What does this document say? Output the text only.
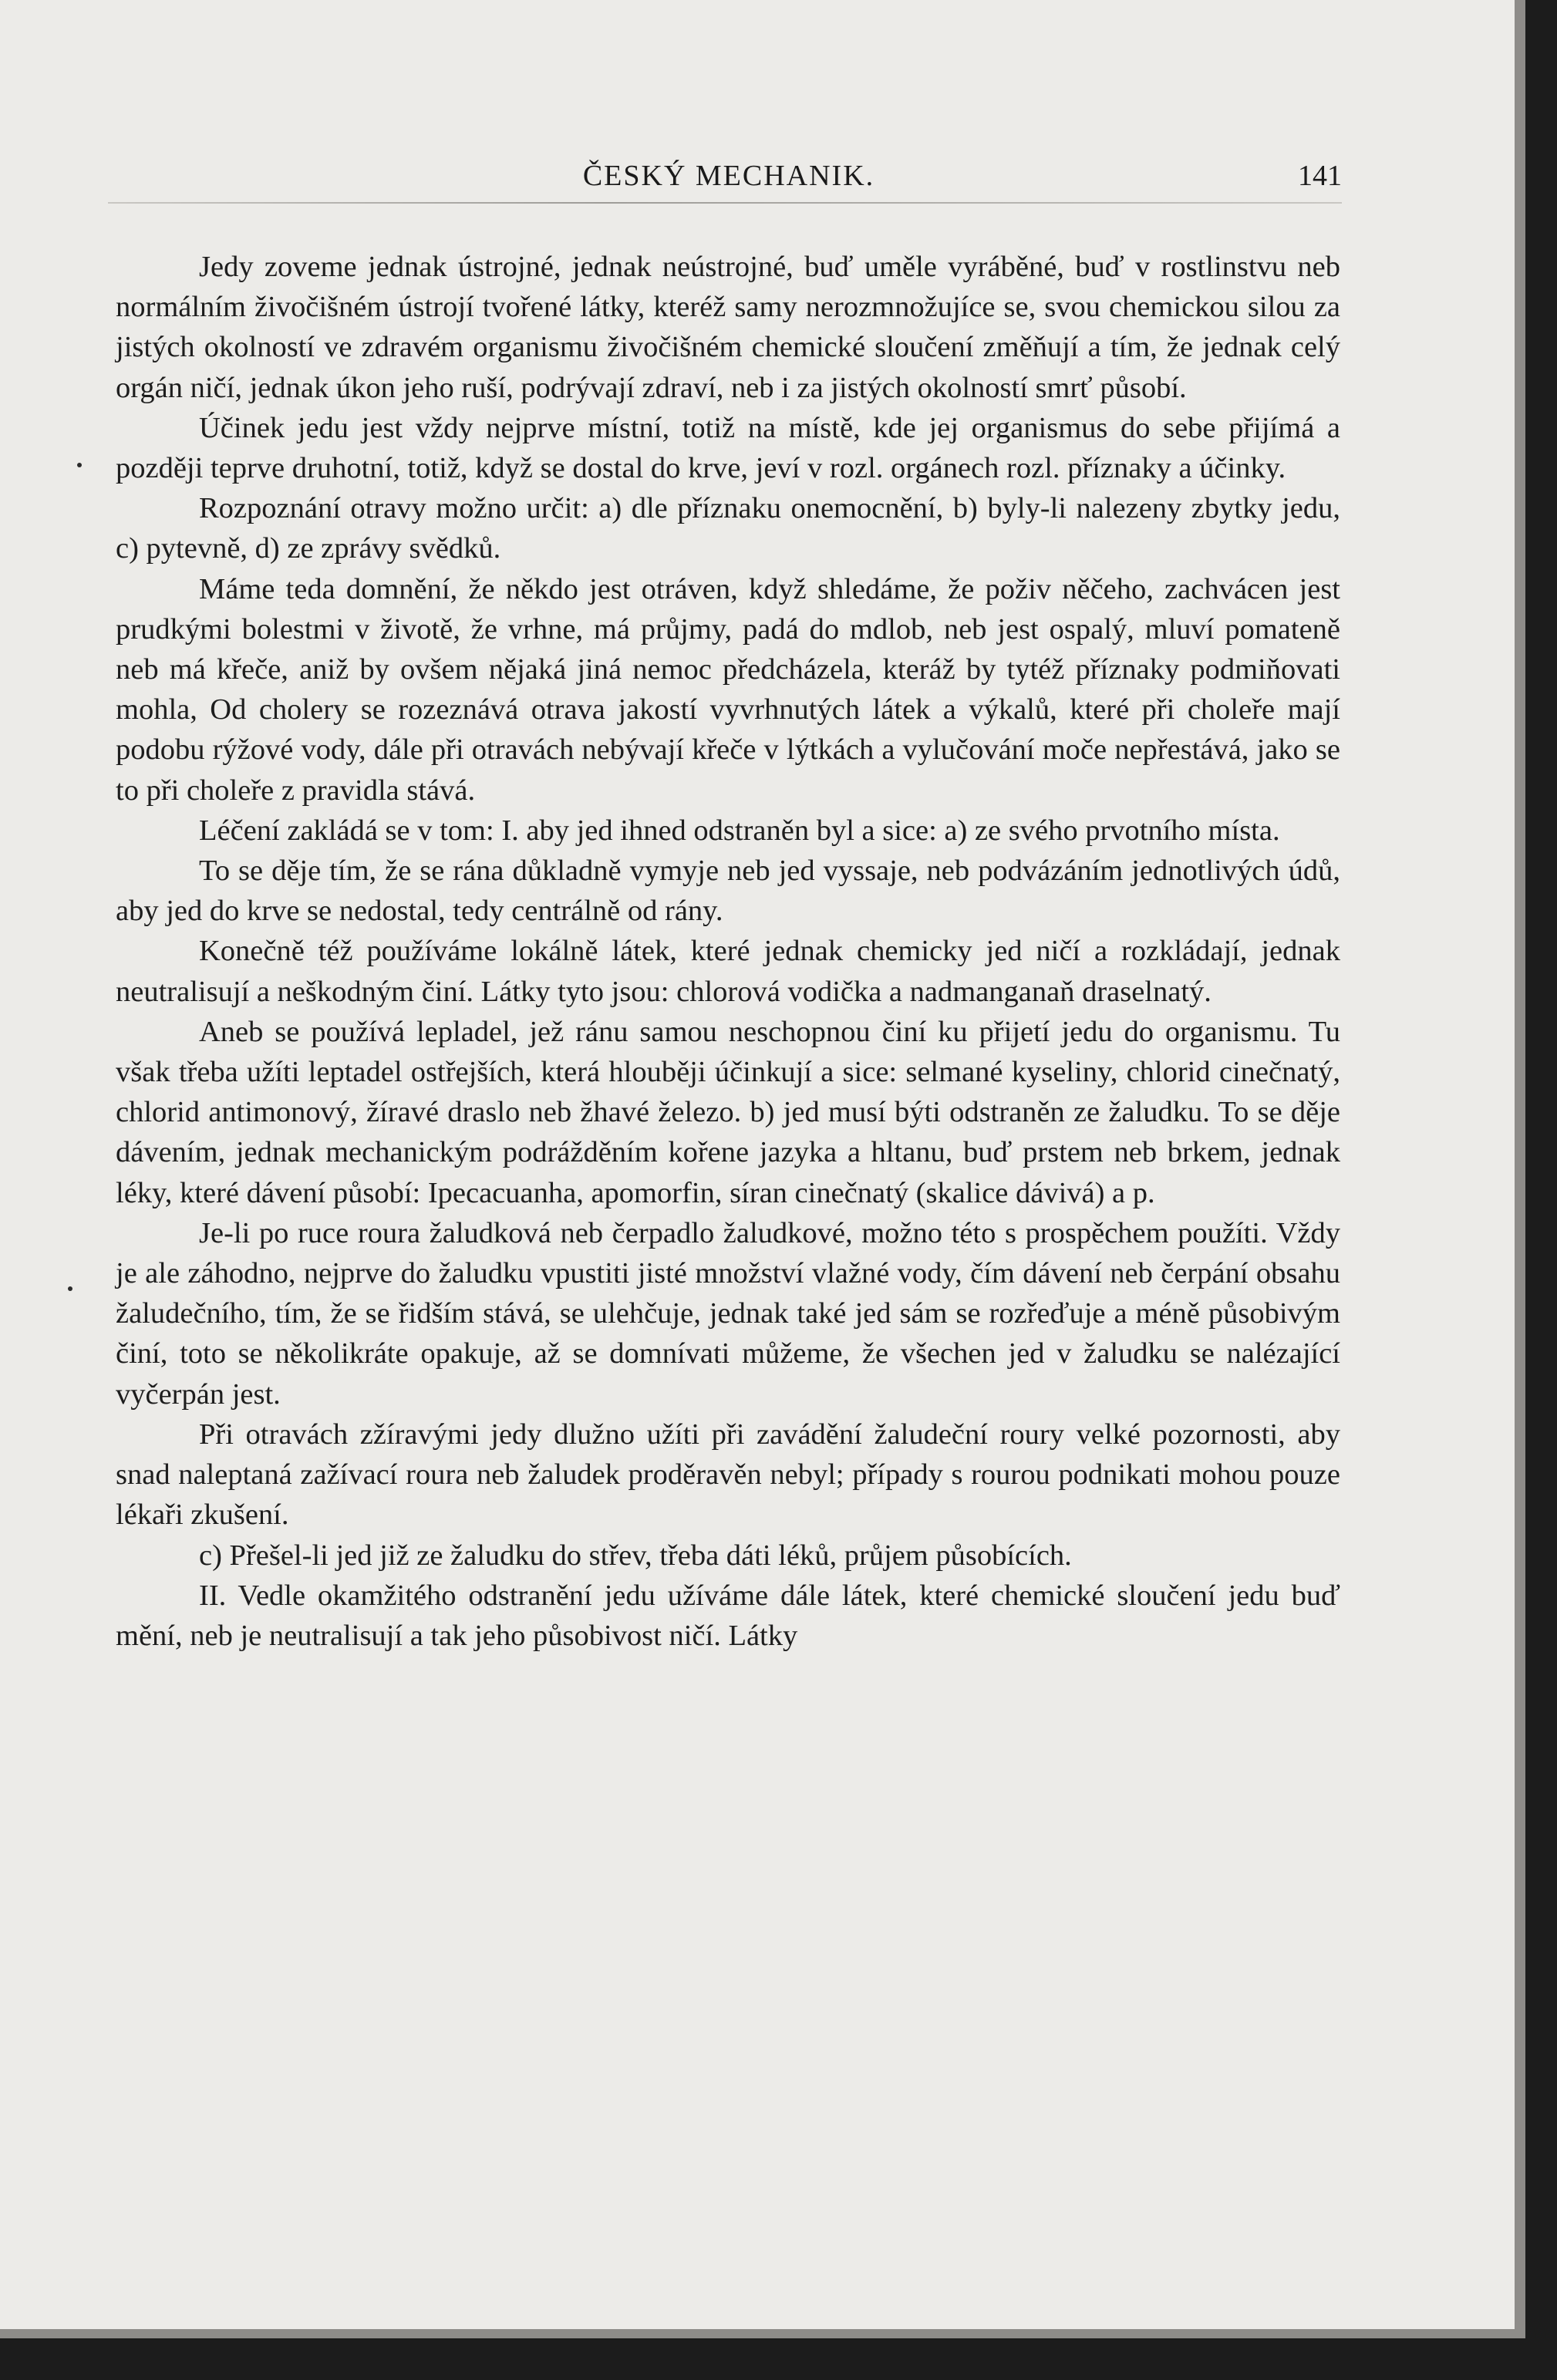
ČESKÝ MECHANIK.	141

Jedy zoveme jednak ústrojné, jednak neústrojné, buď uměle vyráběné, buď v rostlinstvu neb normálním živočišném ústrojí tvořené látky, kteréž samy nerozmnožujíce se, svou chemickou silou za jistých okolností ve zdravém organismu živočišném chemické sloučení změňují a tím, že jednak celý orgán ničí, jednak úkon jeho ruší, podrývají zdraví, neb i za jistých okolností smrť působí.

Účinek jedu jest vždy nejprve místní, totiž na místě, kde jej organismus do sebe přijímá a později teprve druhotní, totiž, když se dostal do krve, jeví v rozl. orgánech rozl. příznaky a účinky.

Rozpoznání otravy možno určit: a) dle příznaku onemocnění, b) byly-li nalezeny zbytky jedu, c) pytevně, d) ze zprávy svědků.

Máme teda domnění, že někdo jest otráven, když shledáme, že poživ něčeho, zachvácen jest prudkými bolestmi v životě, že vrhne, má průjmy, padá do mdlob, neb jest ospalý, mluví pomateně neb má křeče, aniž by ovšem nějaká jiná nemoc předcházela, kteráž by tytéž příznaky podmiňovati mohla, Od cholery se rozeznává otrava jakostí vyvrhnutých látek a výkalů, které při choleře mají podobu rýžové vody, dále při otravách nebývají křeče v lýtkách a vylučování moče nepřestává, jako se to při choleře z pravidla stává.

Léčení zakládá se v tom: I. aby jed ihned odstraněn byl a sice: a) ze svého prvotního místa.

To se děje tím, že se rána důkladně vymyje neb jed vyssaje, neb podvázáním jednotlivých údů, aby jed do krve se nedostal, tedy centrálně od rány.

Konečně též používáme lokálně látek, které jednak chemicky jed ničí a rozkládají, jednak neutralisují a neškodným činí. Látky tyto jsou: chlorová vodička a nadmanganaň draselnatý.

Aneb se používá lepladel, jež ránu samou neschopnou činí ku přijetí jedu do organismu. Tu však třeba užíti leptadel ostřejších, která hlouběji účinkují a sice: selmané kyseliny, chlorid cinečnatý, chlorid antimonový, žíravé draslo neb žhavé železo. b) jed musí býti odstraněn ze žaludku. To se děje dávením, jednak mechanickým podrážděním kořene jazyka a hltanu, buď prstem neb brkem, jednak léky, které dávení působí: Ipecacuanha, apomorfin, síran cinečnatý (skalice dávivá) a p.

Je-li po ruce roura žaludková neb čerpadlo žaludkové, možno této s prospěchem použíti. Vždy je ale záhodno, nejprve do žaludku vpustiti jisté množství vlažné vody, čím dávení neb čerpání obsahu žaludečního, tím, že se řidším stává, se ulehčuje, jednak také jed sám se rozřeďuje a méně působivým činí, toto se několikráte opakuje, až se domnívati můžeme, že všechen jed v žaludku se nalézající vyčerpán jest.

Při otravách zžíravými jedy dlužno užíti při zavádění žaludeční roury velké pozornosti, aby snad naleptaná zažívací roura neb žaludek proděravěn nebyl; případy s rourou podnikati mohou pouze lékaři zkušení.

c) Přešel-li jed již ze žaludku do střev, třeba dáti léků, průjem působících.

II. Vedle okamžitého odstranění jedu užíváme dále látek, které chemické sloučení jedu buď mění, neb je neutralisují a tak jeho působivost ničí. Látky
